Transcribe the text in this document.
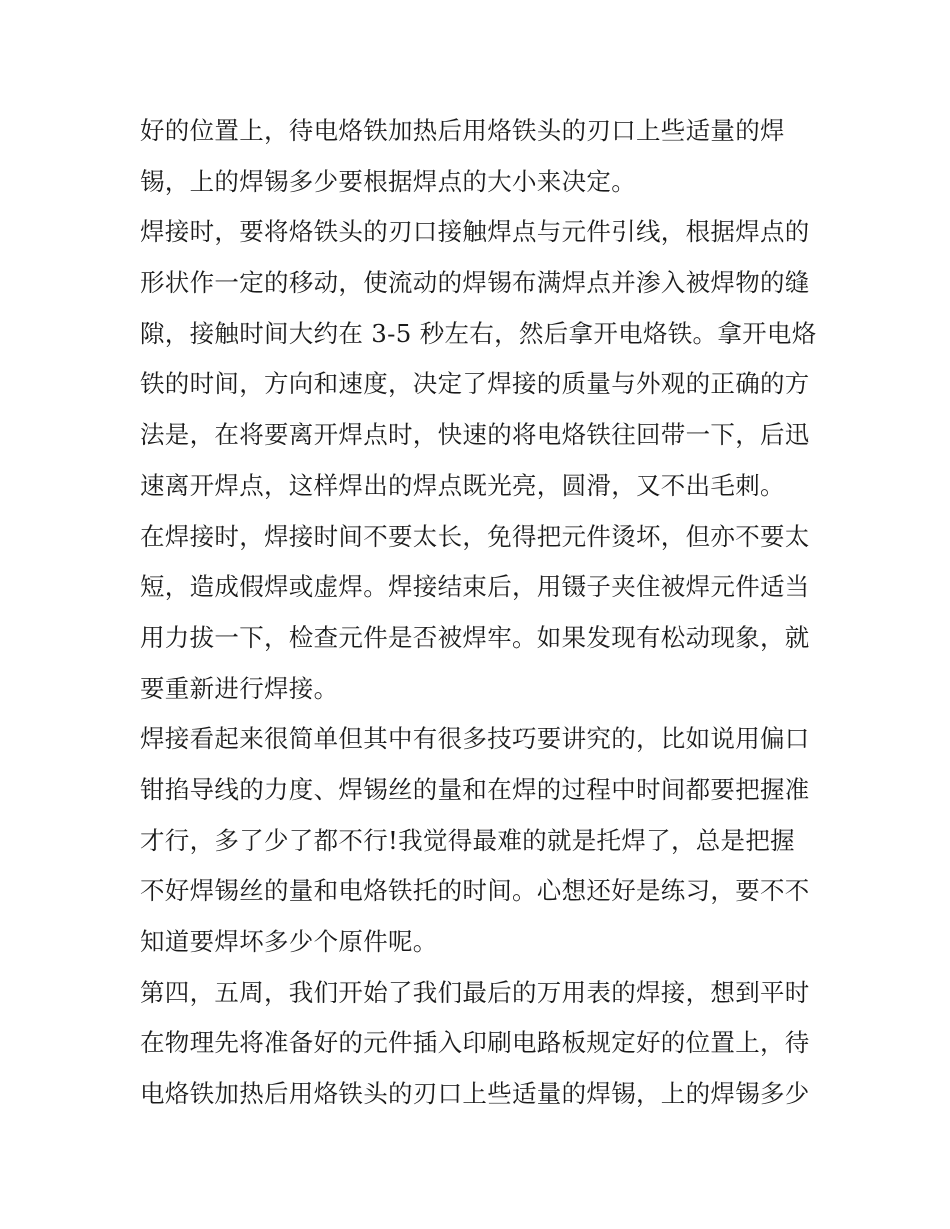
好的位置上，待电烙铁加热后用烙铁头的刃口上些适量的焊
锡，上的焊锡多少要根据焊点的大小来决定。
焊接时，要将烙铁头的刃口接触焊点与元件引线，根据焊点的
形状作一定的移动，使流动的焊锡布满焊点并渗入被焊物的缝
隙，接触时间大约在 3-5 秒左右，然后拿开电烙铁。拿开电烙
铁的时间，方向和速度，决定了焊接的质量与外观的正确的方
法是，在将要离开焊点时，快速的将电烙铁往回带一下，后迅
速离开焊点，这样焊出的焊点既光亮，圆滑，又不出毛刺。
在焊接时，焊接时间不要太长，免得把元件烫坏，但亦不要太
短，造成假焊或虚焊。焊接结束后，用镊子夹住被焊元件适当
用力拔一下，检查元件是否被焊牢。如果发现有松动现象，就
要重新进行焊接。
焊接看起来很简单但其中有很多技巧要讲究的，比如说用偏口
钳掐导线的力度、焊锡丝的量和在焊的过程中时间都要把握准
才行，多了少了都不行!我觉得最难的就是托焊了，总是把握
不好焊锡丝的量和电烙铁托的时间。心想还好是练习，要不不
知道要焊坏多少个原件呢。
第四，五周，我们开始了我们最后的万用表的焊接，想到平时
在物理先将准备好的元件插入印刷电路板规定好的位置上，待
电烙铁加热后用烙铁头的刃口上些适量的焊锡，上的焊锡多少
